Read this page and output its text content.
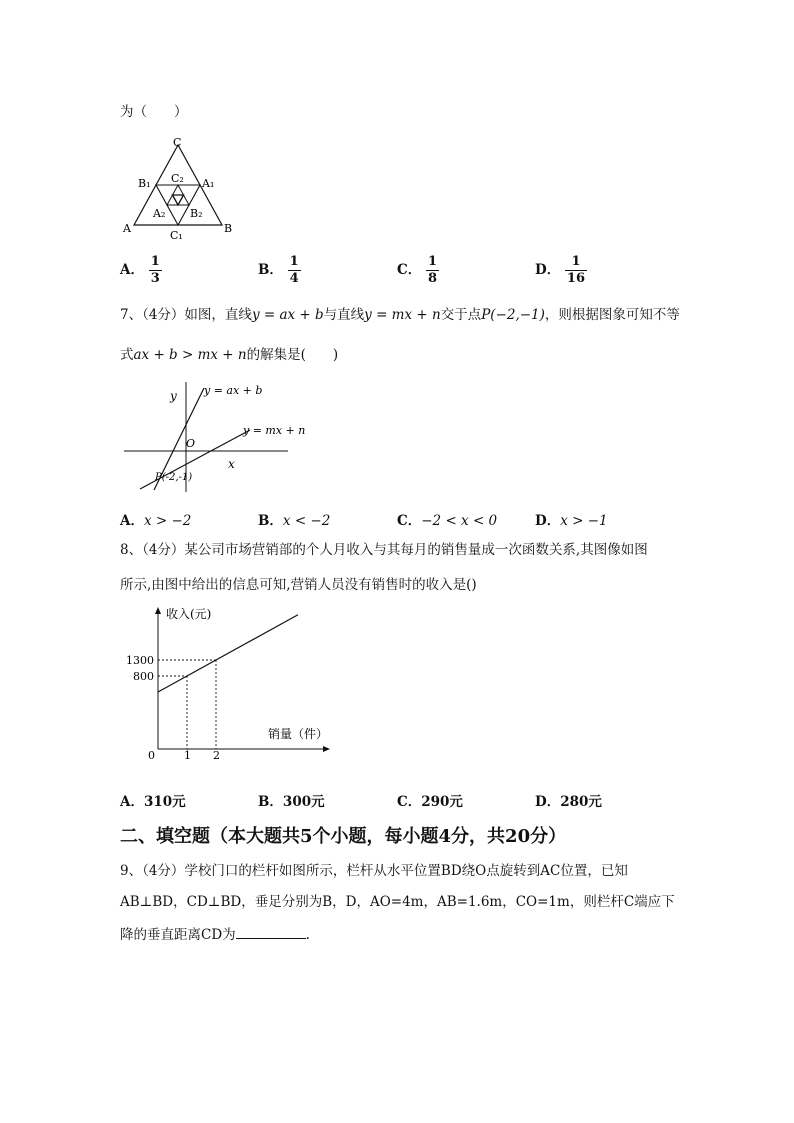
为（　　）
C
B₁	A₁
C₂
A₂ B₂
A	B
C₁
A． $\frac{1}{3}$	B． $\frac{1}{4}$	C． $\frac{1}{8}$	D． $\frac{1}{16}$
7、（4分）如图，直线y = ax + b与直线y = mx + n交于点P(−2,−1)，则根据图象可知不等
式ax + b > mx + n的解集是(　　)
y
x
O
y = ax + b
y = mx + n
P(-2,-1)
A．x > −2	B．x < −2	C．−2 < x < 0	D．x > −1
8、（4分）某公司市场营销部的个人月收入与其每月的销售量成一次函数关系,其图像如图
所示,由图中给出的信息可知,营销人员没有销售时的收入是()
收入(元)
销量（件）
0	1
800
2
1300
A．310元	B．300元	C．290元	D．280元
二、填空题（本大题共5个小题，每小题4分，共20分）
9、（4分）学校门口的栏杆如图所示，栏杆从水平位置BD绕O点旋转到AC位置，已知
AB⊥BD，CD⊥BD，垂足分别为B，D，AO=4m，AB=1.6m，CO=1m，则栏杆C端应下
降的垂直距离CD为	.
